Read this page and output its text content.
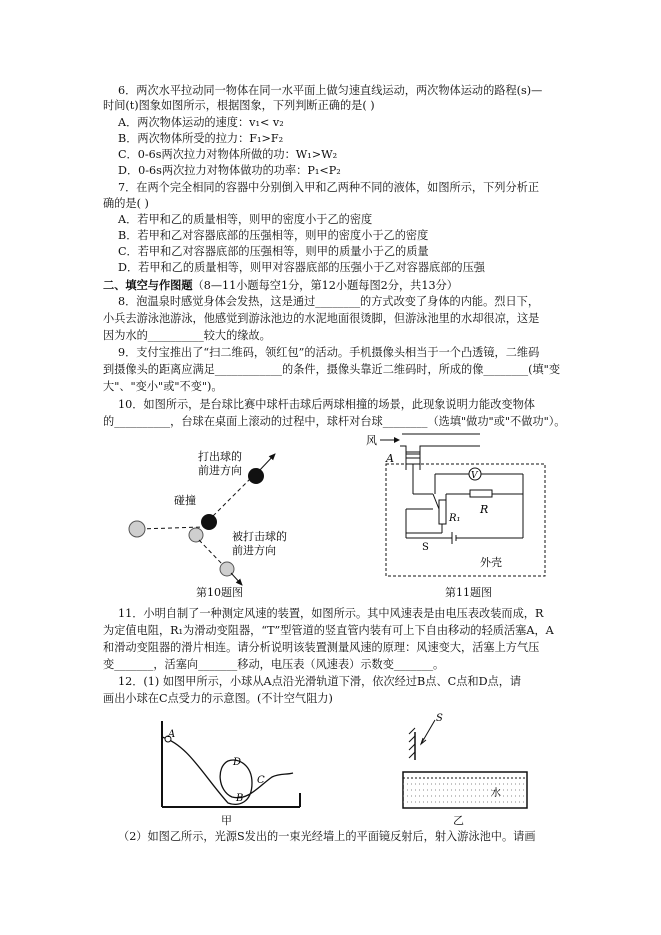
6．两次水平拉动同一物体在同一水平面上做匀速直线运动，两次物体运动的路程(s)—
时间(t)图象如图所示，根据图象，下列判断正确的是( )
A．两次物体运动的速度：v₁< v₂
B．两次物体所受的拉力：F₁>F₂
C．0-6s两次拉力对物体所做的功：W₁>W₂
D．0-6s两次拉力对物体做功的功率：P₁<P₂
7．在两个完全相同的容器中分别倒入甲和乙两种不同的液体，如图所示，下列分析正
确的是( )
A．若甲和乙的质量相等，则甲的密度小于乙的密度
B．若甲和乙对容器底部的压强相等，则甲的密度小于乙的密度
C．若甲和乙对容器底部的压强相等，则甲的质量小于乙的质量
D．若甲和乙的质量相等，则甲对容器底部的压强小于乙对容器底部的压强
二、填空与作图题（8—11小题每空1分，第12小题每图2分，共13分）
8．泡温泉时感觉身体会发热，这是通过________的方式改变了身体的内能。烈日下，
小兵去游泳池游泳，他感觉到游泳池边的水泥地面很烫脚，但游泳池里的水却很凉，这是
因为水的__________较大的缘故。
9．支付宝推出了“扫二维码，领红包”的活动。手机摄像头相当于一个凸透镜，二维码
到摄像头的距离应满足____________的条件，摄像头靠近二维码时，所成的像________(填"变
大"、"变小"或"不变")。
10．如图所示，是台球比赛中球杆击球后两球相撞的场景，此现象说明力能改变物体
的__________，台球在桌面上滚动的过程中，球杆对台球________（选填"做功"或"不做功"）。
打出球的
前进方向
碰撞
被打击球的
前进方向
第10题图
风
A
V
R
R₁
S
外壳
第11题图
11．小明自制了一种测定风速的装置，如图所示。其中风速表是由电压表改装而成，R
为定值电阻，R₁为滑动变阻器，“T”型管道的竖直管内装有可上下自由移动的轻质活塞A，A
和滑动变阻器的滑片相连。请分析说明该装置测量风速的原理：风速变大，活塞上方气压
变_______，活塞向_______移动，电压表（风速表）示数变_______。
12．(1) 如图甲所示，小球从A点沿光滑轨道下滑，依次经过B点、C点和D点，请
画出小球在C点受力的示意图。(不计空气阻力)
A
B
C
D
甲
S
水
乙
（2）如图乙所示，光源S发出的一束光经墙上的平面镜反射后，射入游泳池中。请画
